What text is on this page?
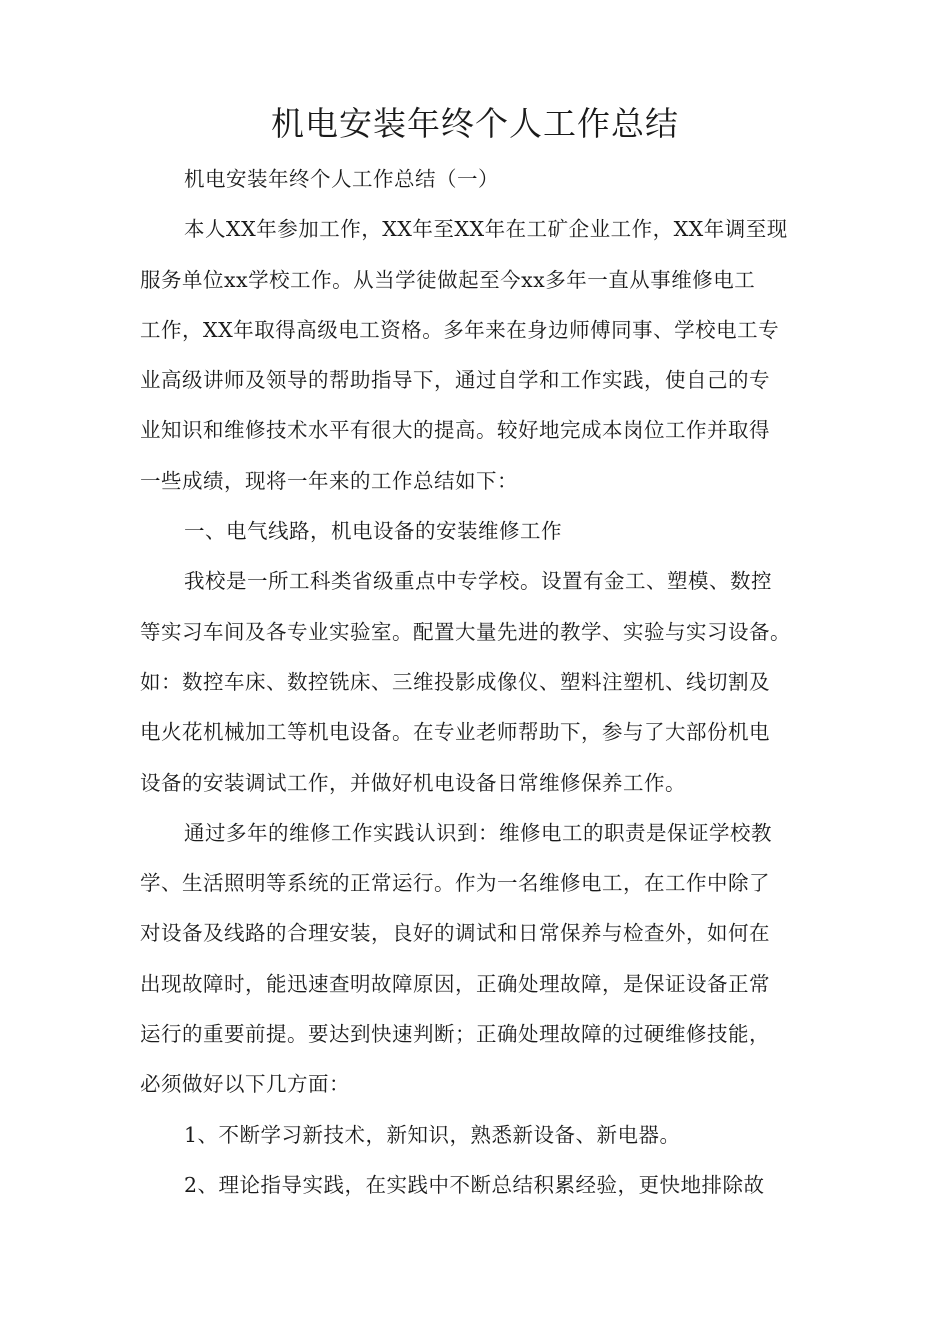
机电安装年终个人工作总结
机电安装年终个人工作总结（一）
本人XX年参加工作，XX年至XX年在工矿企业工作，XX年调至现
服务单位xx学校工作。从当学徒做起至今xx多年一直从事维修电工
工作，XX年取得高级电工资格。多年来在身边师傅同事、学校电工专
业高级讲师及领导的帮助指导下，通过自学和工作实践，使自己的专
业知识和维修技术水平有很大的提高。较好地完成本岗位工作并取得
一些成绩，现将一年来的工作总结如下：
一、电气线路，机电设备的安装维修工作
我校是一所工科类省级重点中专学校。设置有金工、塑模、数控
等实习车间及各专业实验室。配置大量先进的教学、实验与实习设备。
如：数控车床、数控铣床、三维投影成像仪、塑料注塑机、线切割及
电火花机械加工等机电设备。在专业老师帮助下，参与了大部份机电
设备的安装调试工作，并做好机电设备日常维修保养工作。
通过多年的维修工作实践认识到：维修电工的职责是保证学校教
学、生活照明等系统的正常运行。作为一名维修电工，在工作中除了
对设备及线路的合理安装，良好的调试和日常保养与检查外，如何在
出现故障时，能迅速查明故障原因，正确处理故障，是保证设备正常
运行的重要前提。要达到快速判断；正确处理故障的过硬维修技能，
必须做好以下几方面：
1、不断学习新技术，新知识，熟悉新设备、新电器。
2、理论指导实践，在实践中不断总结积累经验，更快地排除故
